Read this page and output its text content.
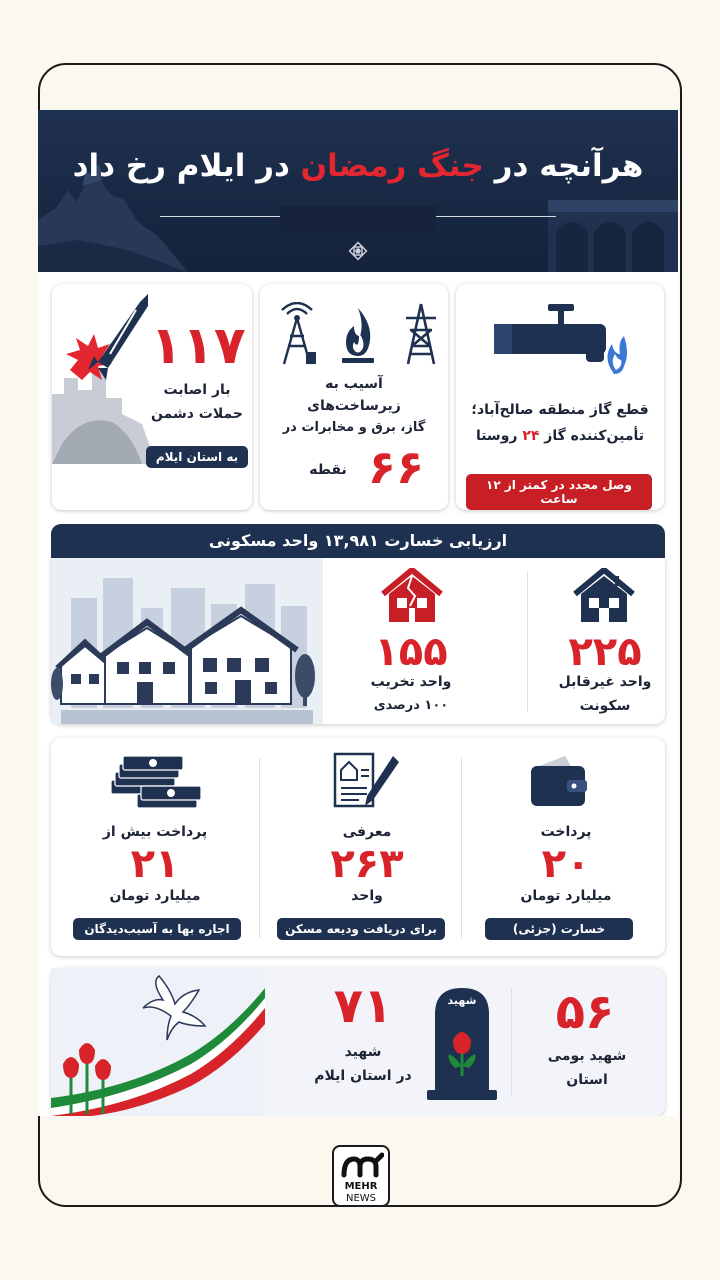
هرآنچه در جنگ رمضان در ایلام رخ داد
قطع گاز منطقه صالح‌آباد؛
تأمین‌کننده گاز ۲۴ روستا
وصل مجدد در کمتر از ۱۲ ساعت
آسیب به
زیرساخت‌های
گاز، برق و مخابرات در
۶۶
نقطه
۱۱۷
بار اصابت
حملات دشمن
به استان ایلام
ارزیابی خسارت ۱۳,۹۸۱ واحد مسکونی
۱۵۵
واحد تخریب
۱۰۰ درصدی
۲۲۵
واحد غیرقابل
سکونت
پرداخت
۲۰
میلیارد تومان
خسارت (جزئی)
معرفی
۲۶۳
واحد
برای دریافت ودیعه مسکن
پرداخت بیش از
۲۱
میلیارد تومان
اجاره بها به آسیب‌دیدگان
۷۱
شهید
در استان ایلام
شهید	۵۶
شهید بومی
استان
MEHR
NEWS
